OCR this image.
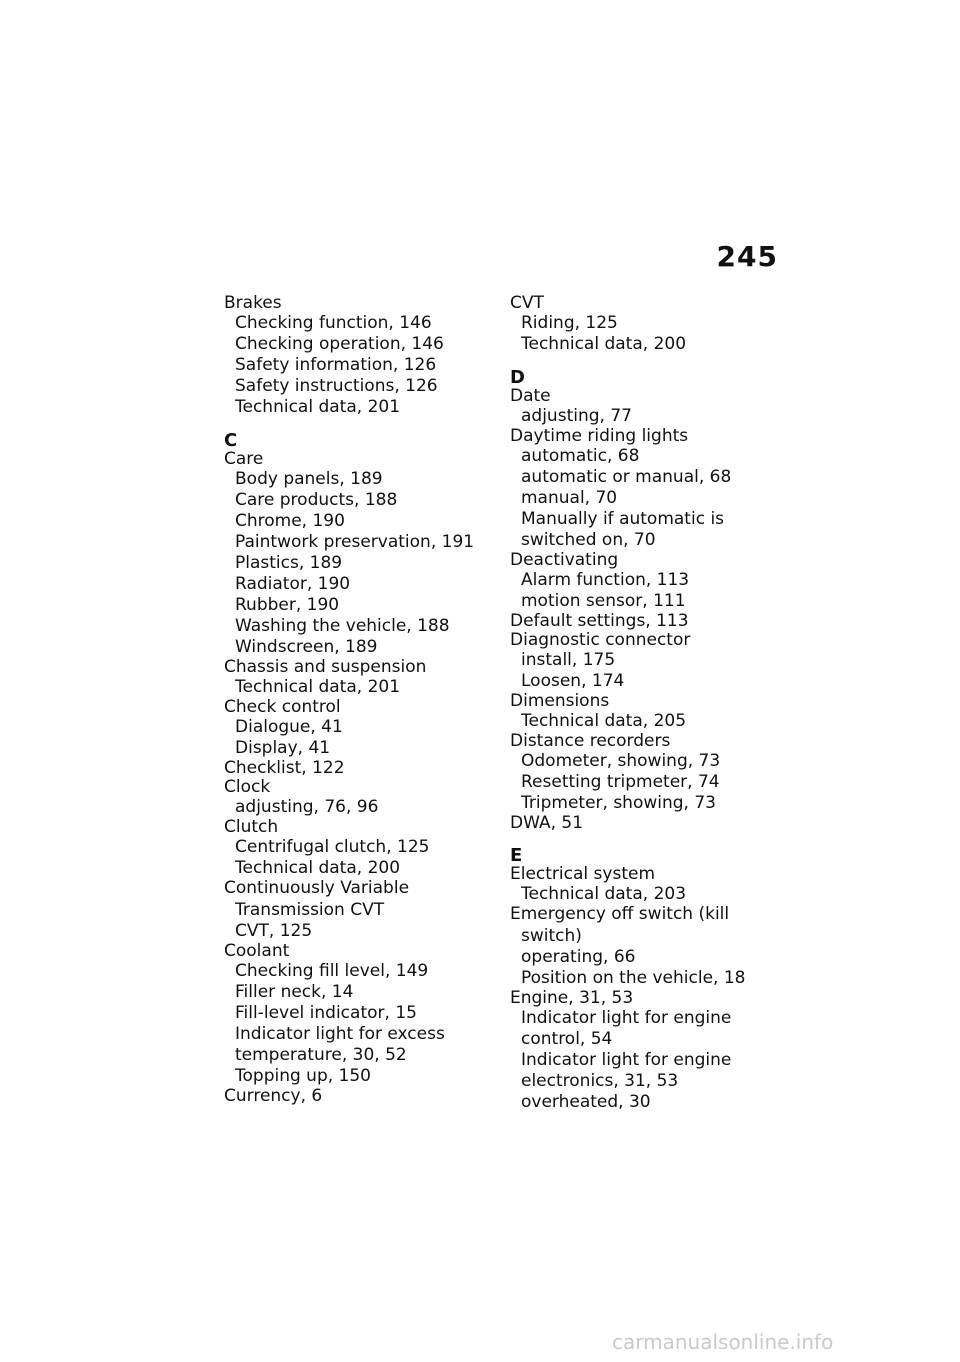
245
Brakes
Checking function, 146
Checking operation, 146
Safety information, 126
Safety instructions, 126
Technical data, 201
C
Care
Body panels, 189
Care products, 188
Chrome, 190
Paintwork preservation, 191
Plastics, 189
Radiator, 190
Rubber, 190
Washing the vehicle, 188
Windscreen, 189
Chassis and suspension
Technical data, 201
Check control
Dialogue, 41
Display, 41
Checklist, 122
Clock
adjusting, 76, 96
Clutch
Centrifugal clutch, 125
Technical data, 200
Continuously Variable
Transmission CVT
CVT, 125
Coolant
Checking fill level, 149
Filler neck, 14
Fill-level indicator, 15
Indicator light for excess
temperature, 30, 52
Topping up, 150
Currency, 6
CVT
Riding, 125
Technical data, 200
D
Date
adjusting, 77
Daytime riding lights
automatic, 68
automatic or manual, 68
manual, 70
Manually if automatic is
switched on, 70
Deactivating
Alarm function, 113
motion sensor, 111
Default settings, 113
Diagnostic connector
install, 175
Loosen, 174
Dimensions
Technical data, 205
Distance recorders
Odometer, showing, 73
Resetting tripmeter, 74
Tripmeter, showing, 73
DWA, 51
E
Electrical system
Technical data, 203
Emergency off switch (kill
switch)
operating, 66
Position on the vehicle, 18
Engine, 31, 53
Indicator light for engine
control, 54
Indicator light for engine
electronics, 31, 53
overheated, 30
carmanualsonline.info
